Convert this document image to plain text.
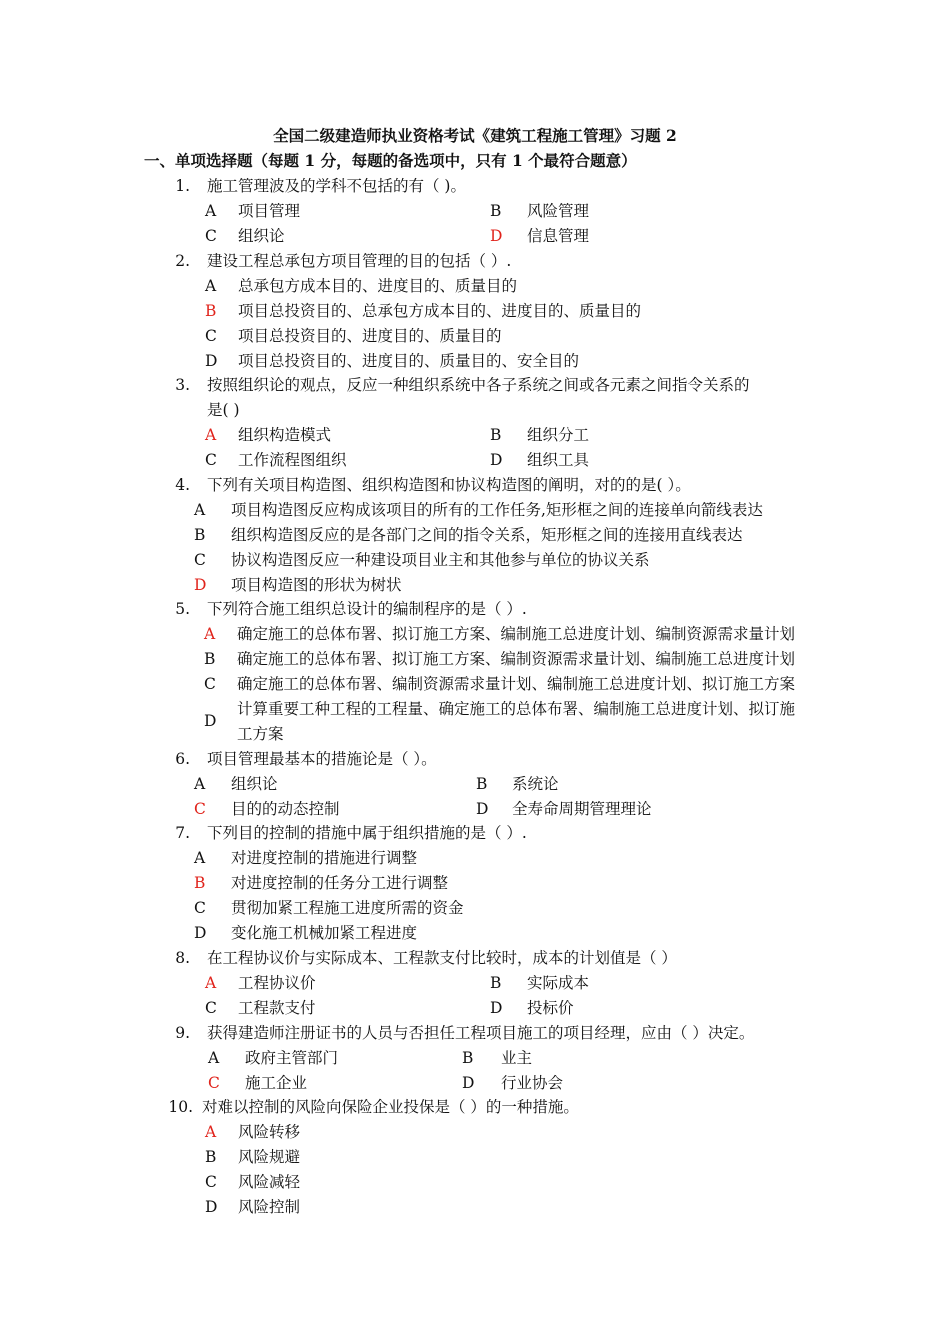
全国二级建造师执业资格考试《建筑工程施工管理》习题 2
一、单项选择题（每题 1 分，每题的备选项中，只有 1 个最符合题意）
1. 施工管理波及的学科不包括的有（ )。
A 项目管理	B 风险管理
C 组织论	D 信息管理
2. 建设工程总承包方项目管理的目的包括（ ）.
A 总承包方成本目的、进度目的、质量目的
B 项目总投资目的、总承包方成本目的、进度目的、质量目的
C 项目总投资目的、进度目的、质量目的
D 项目总投资目的、进度目的、质量目的、安全目的
3. 按照组织论的观点，反应一种组织系统中各子系统之间或各元素之间指令关系的
是( )
A 组织构造模式	B 组织分工
C 工作流程图组织	D 组织工具
4. 下列有关项目构造图、组织构造图和协议构造图的阐明，对的的是( ）。
A 项目构造图反应构成该项目的所有的工作任务,矩形框之间的连接单向箭线表达
B 组织构造图反应的是各部门之间的指令关系，矩形框之间的连接用直线表达
C 协议构造图反应一种建设项目业主和其他参与单位的协议关系
D 项目构造图的形状为树状
5. 下列符合施工组织总设计的编制程序的是（ ）.
A 确定施工的总体布署、拟订施工方案、编制施工总进度计划、编制资源需求量计划
B 确定施工的总体布署、拟订施工方案、编制资源需求量计划、编制施工总进度计划
C 确定施工的总体布署、编制资源需求量计划、编制施工总进度计划、拟订施工方案
D
计算重要工种工程的工程量、确定施工的总体布署、编制施工总进度计划、拟订施
工方案
6. 项目管理最基本的措施论是（ ）。
A 组织论	B 系统论
C 目的的动态控制	D 全寿命周期管理理论
7. 下列目的控制的措施中属于组织措施的是（ ）.
A 对进度控制的措施进行调整
B 对进度控制的任务分工进行调整
C 贯彻加紧工程施工进度所需的资金
D 变化施工机械加紧工程进度
8. 在工程协议价与实际成本、工程款支付比较时，成本的计划值是（ ）
A 工程协议价	B 实际成本
C 工程款支付	D 投标价
9. 获得建造师注册证书的人员与否担任工程项目施工的项目经理，应由（ ）决定。
A 政府主管部门	B 业主
C 施工企业	D 行业协会
10. 对难以控制的风险向保险企业投保是（ ）的一种措施。
A 风险转移
B 风险规避
C 风险减轻
D 风险控制
